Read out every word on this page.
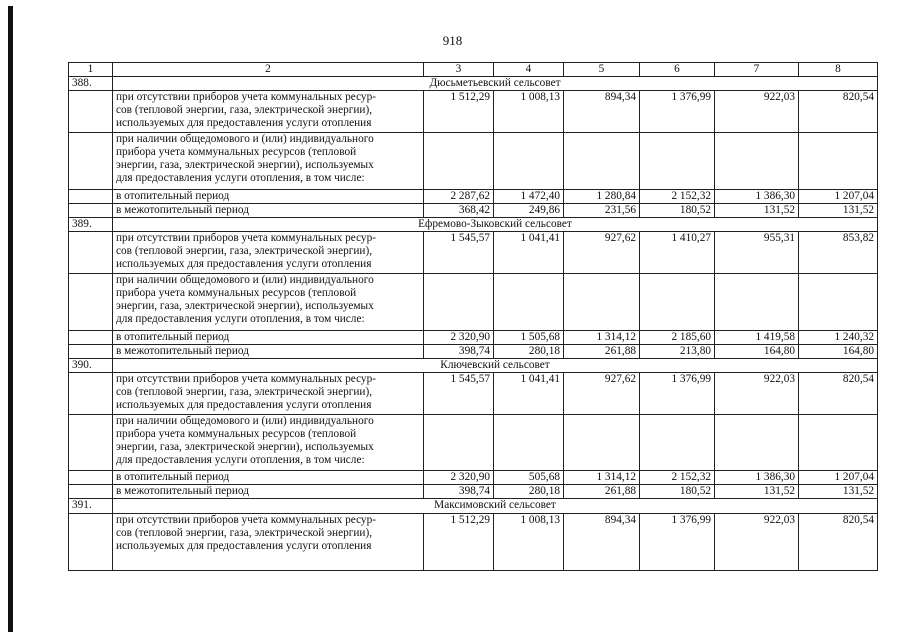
918
1	2	3	4	5	6	7	8
388.	Дюсьметьевский сельсовет						

	при отсутствии приборов учета коммунальных ресур-
сов (тепловой энергии, газа, электрической энергии),
используемых для предоставления услуги отопления	1 512,29	1 008,13	894,34	1 376,99	922,03	820,54

	при наличии общедомового и (или) индивидуального
прибора учета коммунальных ресурсов (тепловой
энергии, газа, электрической энергии), используемых
для предоставления услуги отопления, в том числе:						

	в отопительный период	2 287,62	1 472,40	1 280,84	2 152,32	1 386,30	1 207,04

	в межотопительный период	368,42	249,86	231,56	180,52	131,52	131,52
389.	Ефремово-Зыковский сельсовет						

	при отсутствии приборов учета коммунальных ресур-
сов (тепловой энергии, газа, электрической энергии),
используемых для предоставления услуги отопления	1 545,57	1 041,41	927,62	1 410,27	955,31	853,82

	при наличии общедомового и (или) индивидуального
прибора учета коммунальных ресурсов (тепловой
энергии, газа, электрической энергии), используемых
для предоставления услуги отопления, в том числе:						

	в отопительный период	2 320,90	1 505,68	1 314,12	2 185,60	1 419,58	1 240,32

	в межотопительный период	398,74	280,18	261,88	213,80	164,80	164,80
390.	Ключевский сельсовет						

	при отсутствии приборов учета коммунальных ресур-
сов (тепловой энергии, газа, электрической энергии),
используемых для предоставления услуги отопления	1 545,57	1 041,41	927,62	1 376,99	922,03	820,54

	при наличии общедомового и (или) индивидуального
прибора учета коммунальных ресурсов (тепловой
энергии, газа, электрической энергии), используемых
для предоставления услуги отопления, в том числе:						

	в отопительный период	2 320,90	505,68	1 314,12	2 152,32	1 386,30	1 207,04

	в межотопительный период	398,74	280,18	261,88	180,52	131,52	131,52
391.	Максимовский сельсовет						

	при отсутствии приборов учета коммунальных ресур-
сов (тепловой энергии, газа, электрической энергии),
используемых для предоставления услуги отопления	1 512,29	1 008,13	894,34	1 376,99	922,03	820,54
